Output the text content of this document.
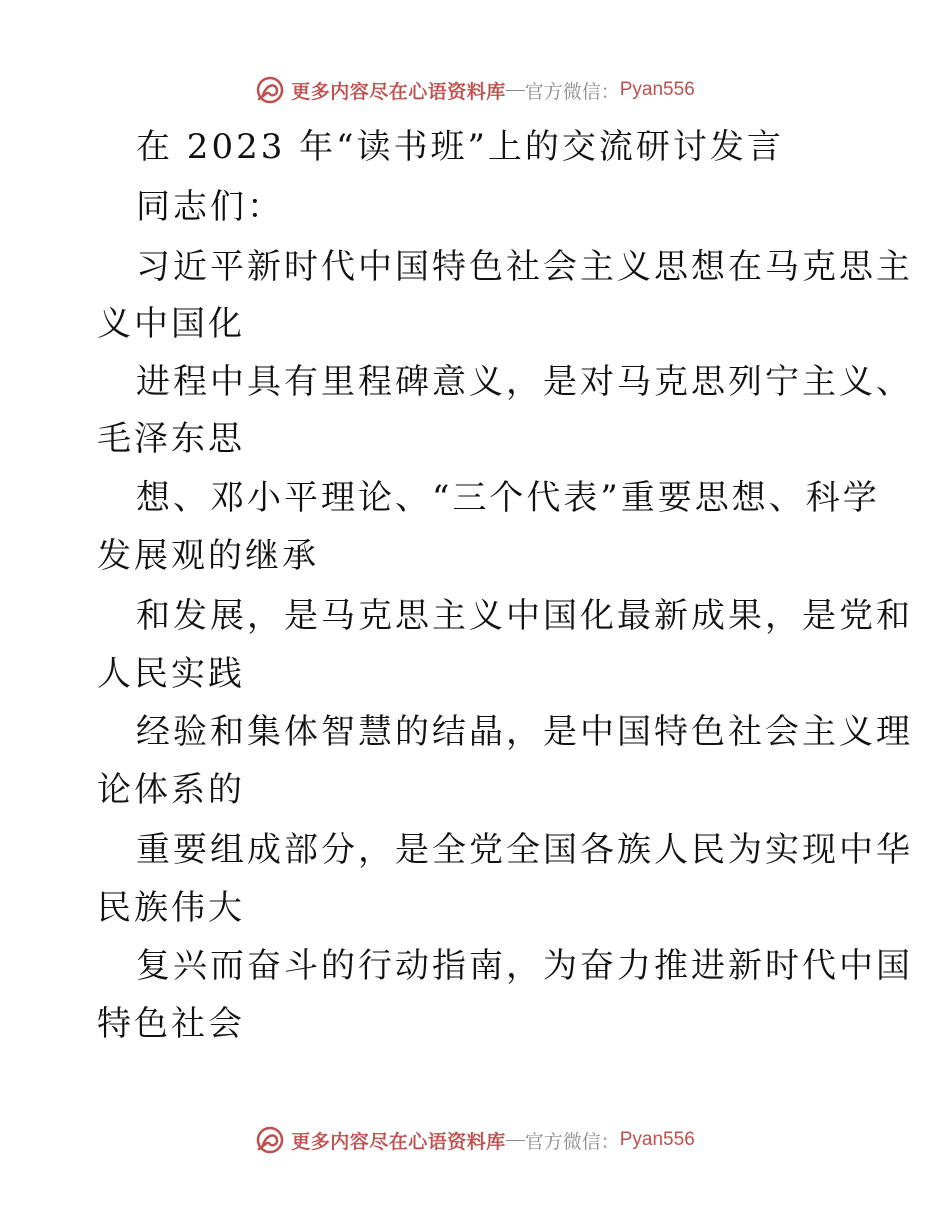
更多内容尽在心语资料库 — 官方微信： Pyan556
在 2023 年“读书班”上的交流研讨发言
同志们：
习近平新时代中国特色社会主义思想在马克思主
义中国化
进程中具有里程碑意义，是对马克思列宁主义、
毛泽东思
想、邓小平理论、“三个代表”重要思想、科学
发展观的继承
和发展，是马克思主义中国化最新成果，是党和
人民实践
经验和集体智慧的结晶，是中国特色社会主义理
论体系的
重要组成部分，是全党全国各族人民为实现中华
民族伟大
复兴而奋斗的行动指南，为奋力推进新时代中国
特色社会
更多内容尽在心语资料库 — 官方微信： Pyan556
